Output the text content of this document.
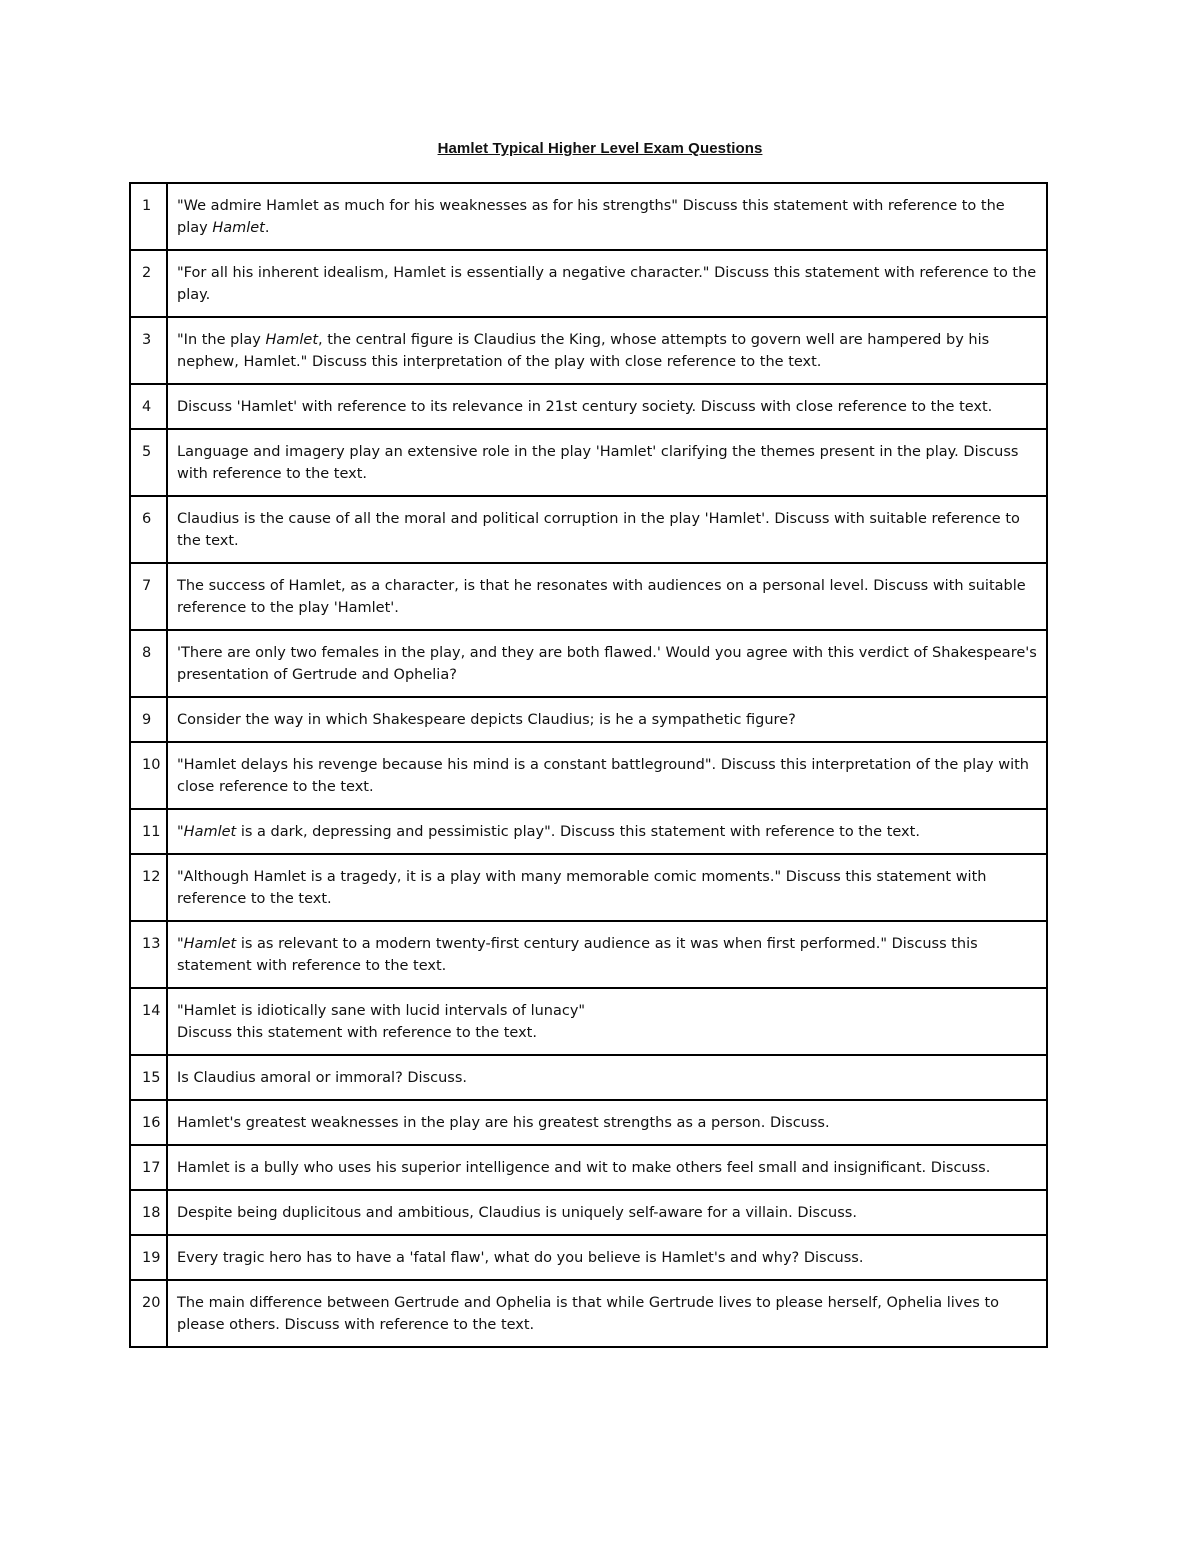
Hamlet Typical Higher Level Exam Questions
1	"We admire Hamlet as much for his weaknesses as for his strengths" Discuss this statement with reference to the play Hamlet.
2	"For all his inherent idealism, Hamlet is essentially a negative character." Discuss this statement with reference to the play.
3	"In the play Hamlet, the central figure is Claudius the King, whose attempts to govern well are hampered by his nephew, Hamlet." Discuss this interpretation of the play with close reference to the text.
4	Discuss 'Hamlet' with reference to its relevance in 21st century society. Discuss with close reference to the text.
5	Language and imagery play an extensive role in the play 'Hamlet' clarifying the themes present in the play. Discuss with reference to the text.
6	Claudius is the cause of all the moral and political corruption in the play 'Hamlet'. Discuss with suitable reference to the text.
7	The success of Hamlet, as a character, is that he resonates with audiences on a personal level. Discuss with suitable reference to the play 'Hamlet'.
8	'There are only two females in the play, and they are both flawed.' Would you agree with this verdict of Shakespeare's presentation of Gertrude and Ophelia?
9	Consider the way in which Shakespeare depicts Claudius; is he a sympathetic figure?
10	"Hamlet delays his revenge because his mind is a constant battleground". Discuss this interpretation of the play with close reference to the text.
11	"Hamlet is a dark, depressing and pessimistic play". Discuss this statement with reference to the text.
12	"Although Hamlet is a tragedy, it is a play with many memorable comic moments." Discuss this statement with reference to the text.
13	"Hamlet is as relevant to a modern twenty-first century audience as it was when first performed." Discuss this statement with reference to the text.
14	"Hamlet is idiotically sane with lucid intervals of lunacy"
Discuss this statement with reference to the text.
15	Is Claudius amoral or immoral? Discuss.
16	Hamlet's greatest weaknesses in the play are his greatest strengths as a person. Discuss.
17	Hamlet is a bully who uses his superior intelligence and wit to make others feel small and insignificant. Discuss.
18	Despite being duplicitous and ambitious, Claudius is uniquely self-aware for a villain. Discuss.
19	Every tragic hero has to have a 'fatal flaw', what do you believe is Hamlet's and why? Discuss.
20	The main difference between Gertrude and Ophelia is that while Gertrude lives to please herself, Ophelia lives to please others. Discuss with reference to the text.
